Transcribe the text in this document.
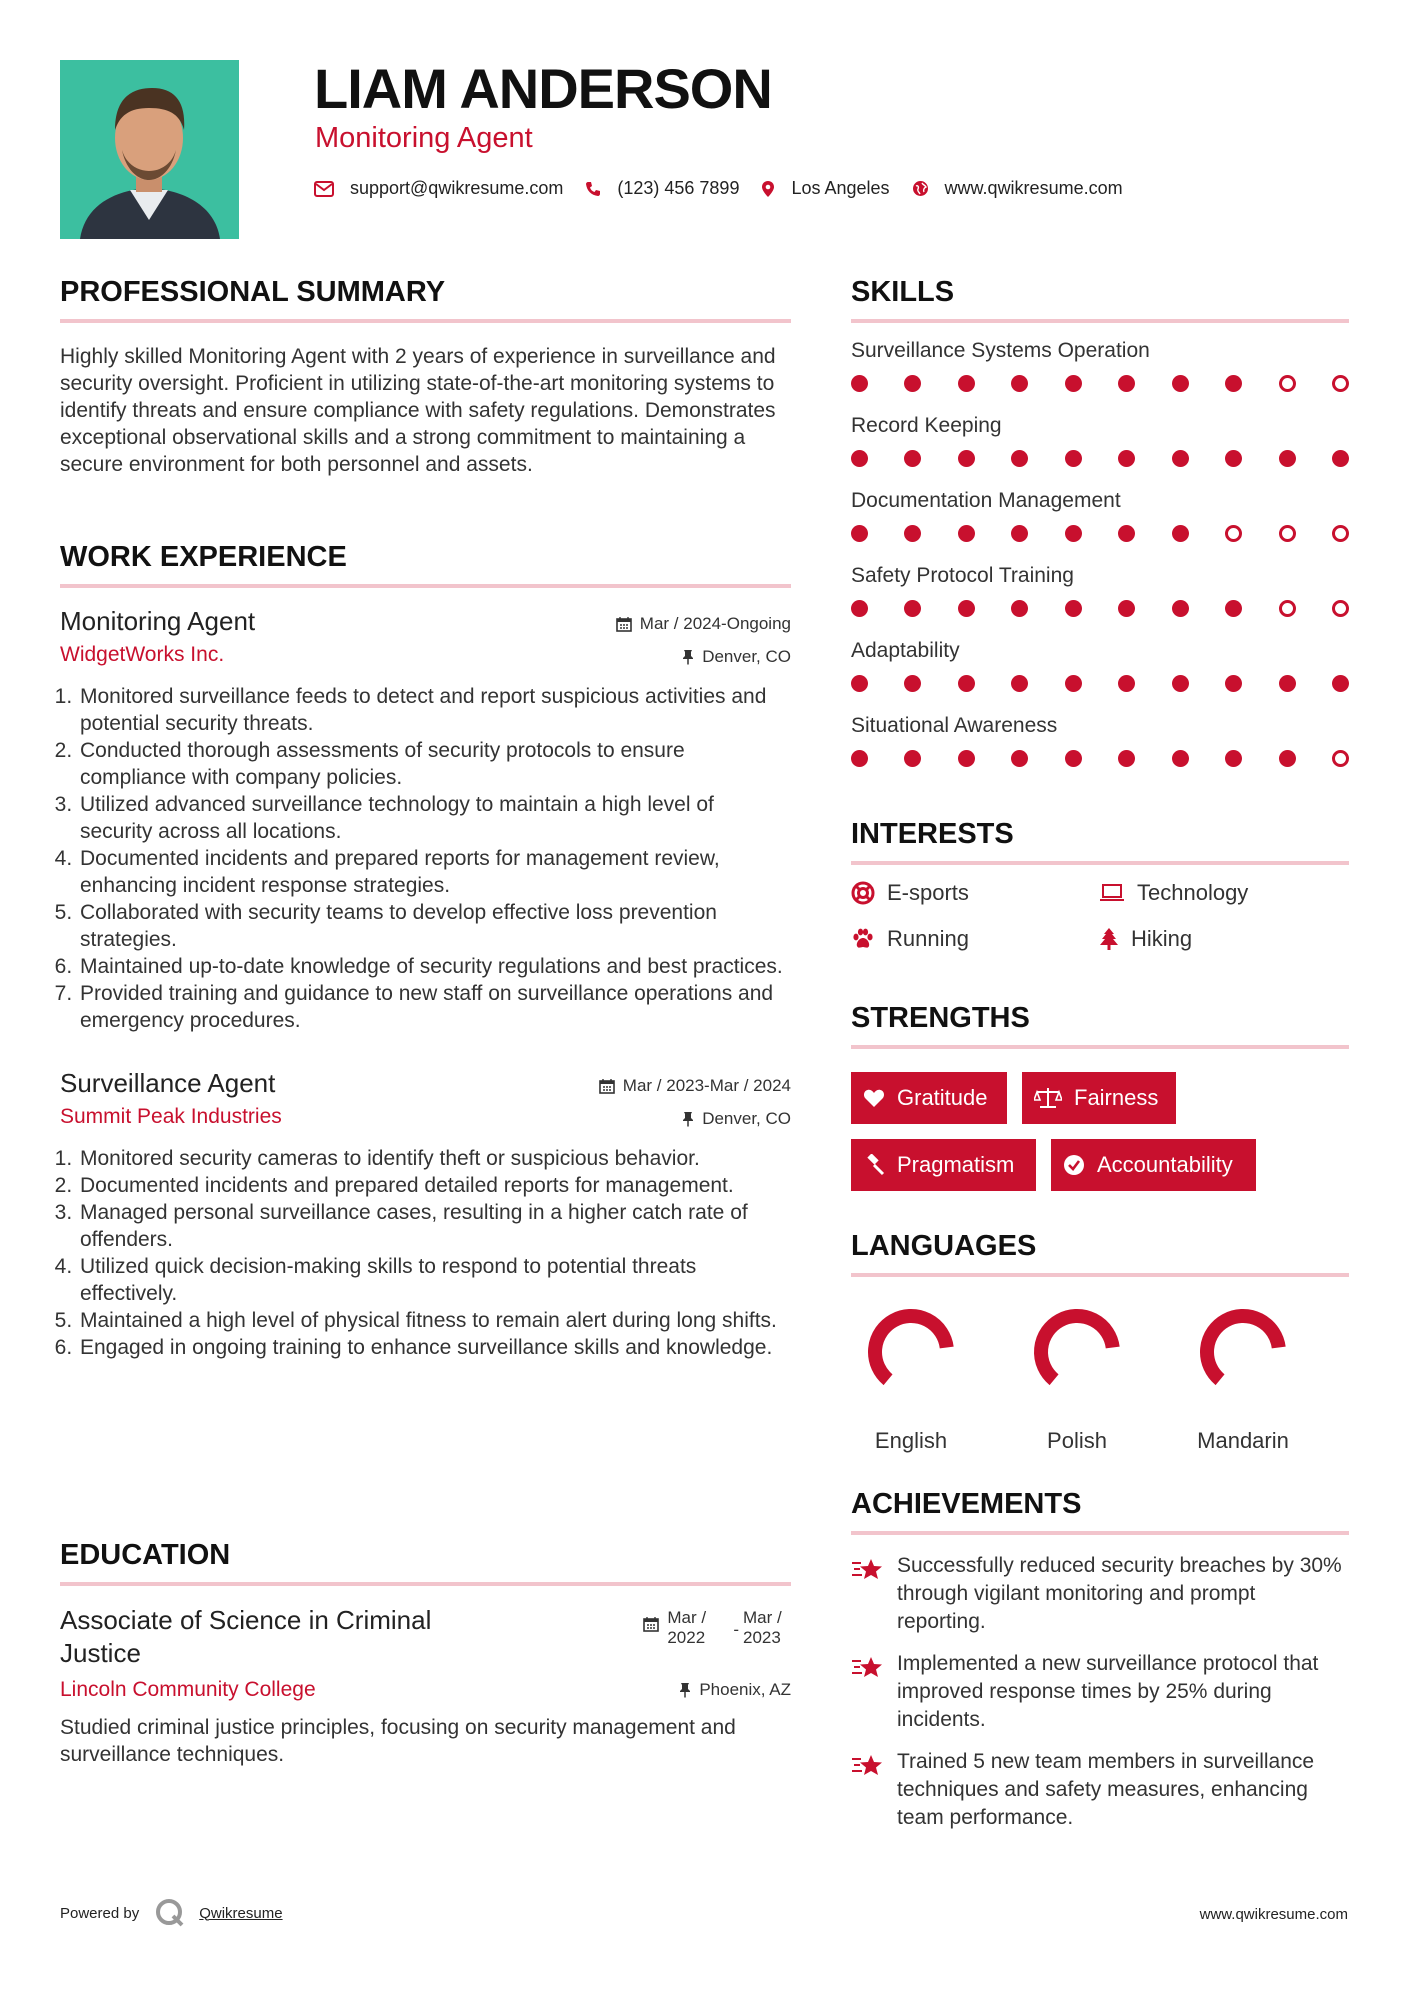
LIAM ANDERSON
Monitoring Agent
support@qwikresume.com	(123) 456 7899	Los Angeles	www.qwikresume.com
PROFESSIONAL SUMMARY

Highly skilled Monitoring Agent with 2 years of experience in surveillance and security oversight. Proficient in utilizing state-of-the-art monitoring systems to identify threats and ensure compliance with safety regulations. Demonstrates exceptional observational skills and a strong commitment to maintaining a secure environment for both personnel and assets.

WORK EXPERIENCE
Monitoring Agent	Mar / 2024-Ongoing
WidgetWorks Inc.	Denver, CO
1. Monitored surveillance feeds to detect and report suspicious activities and potential security threats.
2. Conducted thorough assessments of security protocols to ensure compliance with company policies.
3. Utilized advanced surveillance technology to maintain a high level of security across all locations.
4. Documented incidents and prepared reports for management review, enhancing incident response strategies.
5. Collaborated with security teams to develop effective loss prevention strategies.
6. Maintained up-to-date knowledge of security regulations and best practices.
7. Provided training and guidance to new staff on surveillance operations and emergency procedures.
Surveillance Agent	Mar / 2023-Mar / 2024
Summit Peak Industries	Denver, CO
1. Monitored security cameras to identify theft or suspicious behavior.
2. Documented incidents and prepared detailed reports for management.
3. Managed personal surveillance cases, resulting in a higher catch rate of offenders.
4. Utilized quick decision-making skills to respond to potential threats effectively.
5. Maintained a high level of physical fitness to remain alert during long shifts.
6. Engaged in ongoing training to enhance surveillance skills and knowledge.
EDUCATION
Associate of Science in Criminal Justice
Mar / 2022	-
Mar / 2023
Lincoln Community College	Phoenix, AZ

Studied criminal justice principles, focusing on security management and surveillance techniques.

SKILLS
Surveillance Systems Operation
Record Keeping
Documentation Management
Safety Protocol Training
Adaptability
Situational Awareness
INTERESTS
E-sports	Technology
Running	Hiking
STRENGTHS
Gratitude	Fairness
Pragmatism	Accountability
LANGUAGES
English	Polish	Mandarin
ACHIEVEMENTS
Successfully reduced security breaches by 30% through vigilant monitoring and prompt reporting.
Implemented a new surveillance protocol that improved response times by 25% during incidents.
Trained 5 new team members in surveillance techniques and safety measures, enhancing team performance.
Powered by	Qwikresume	www.qwikresume.com
